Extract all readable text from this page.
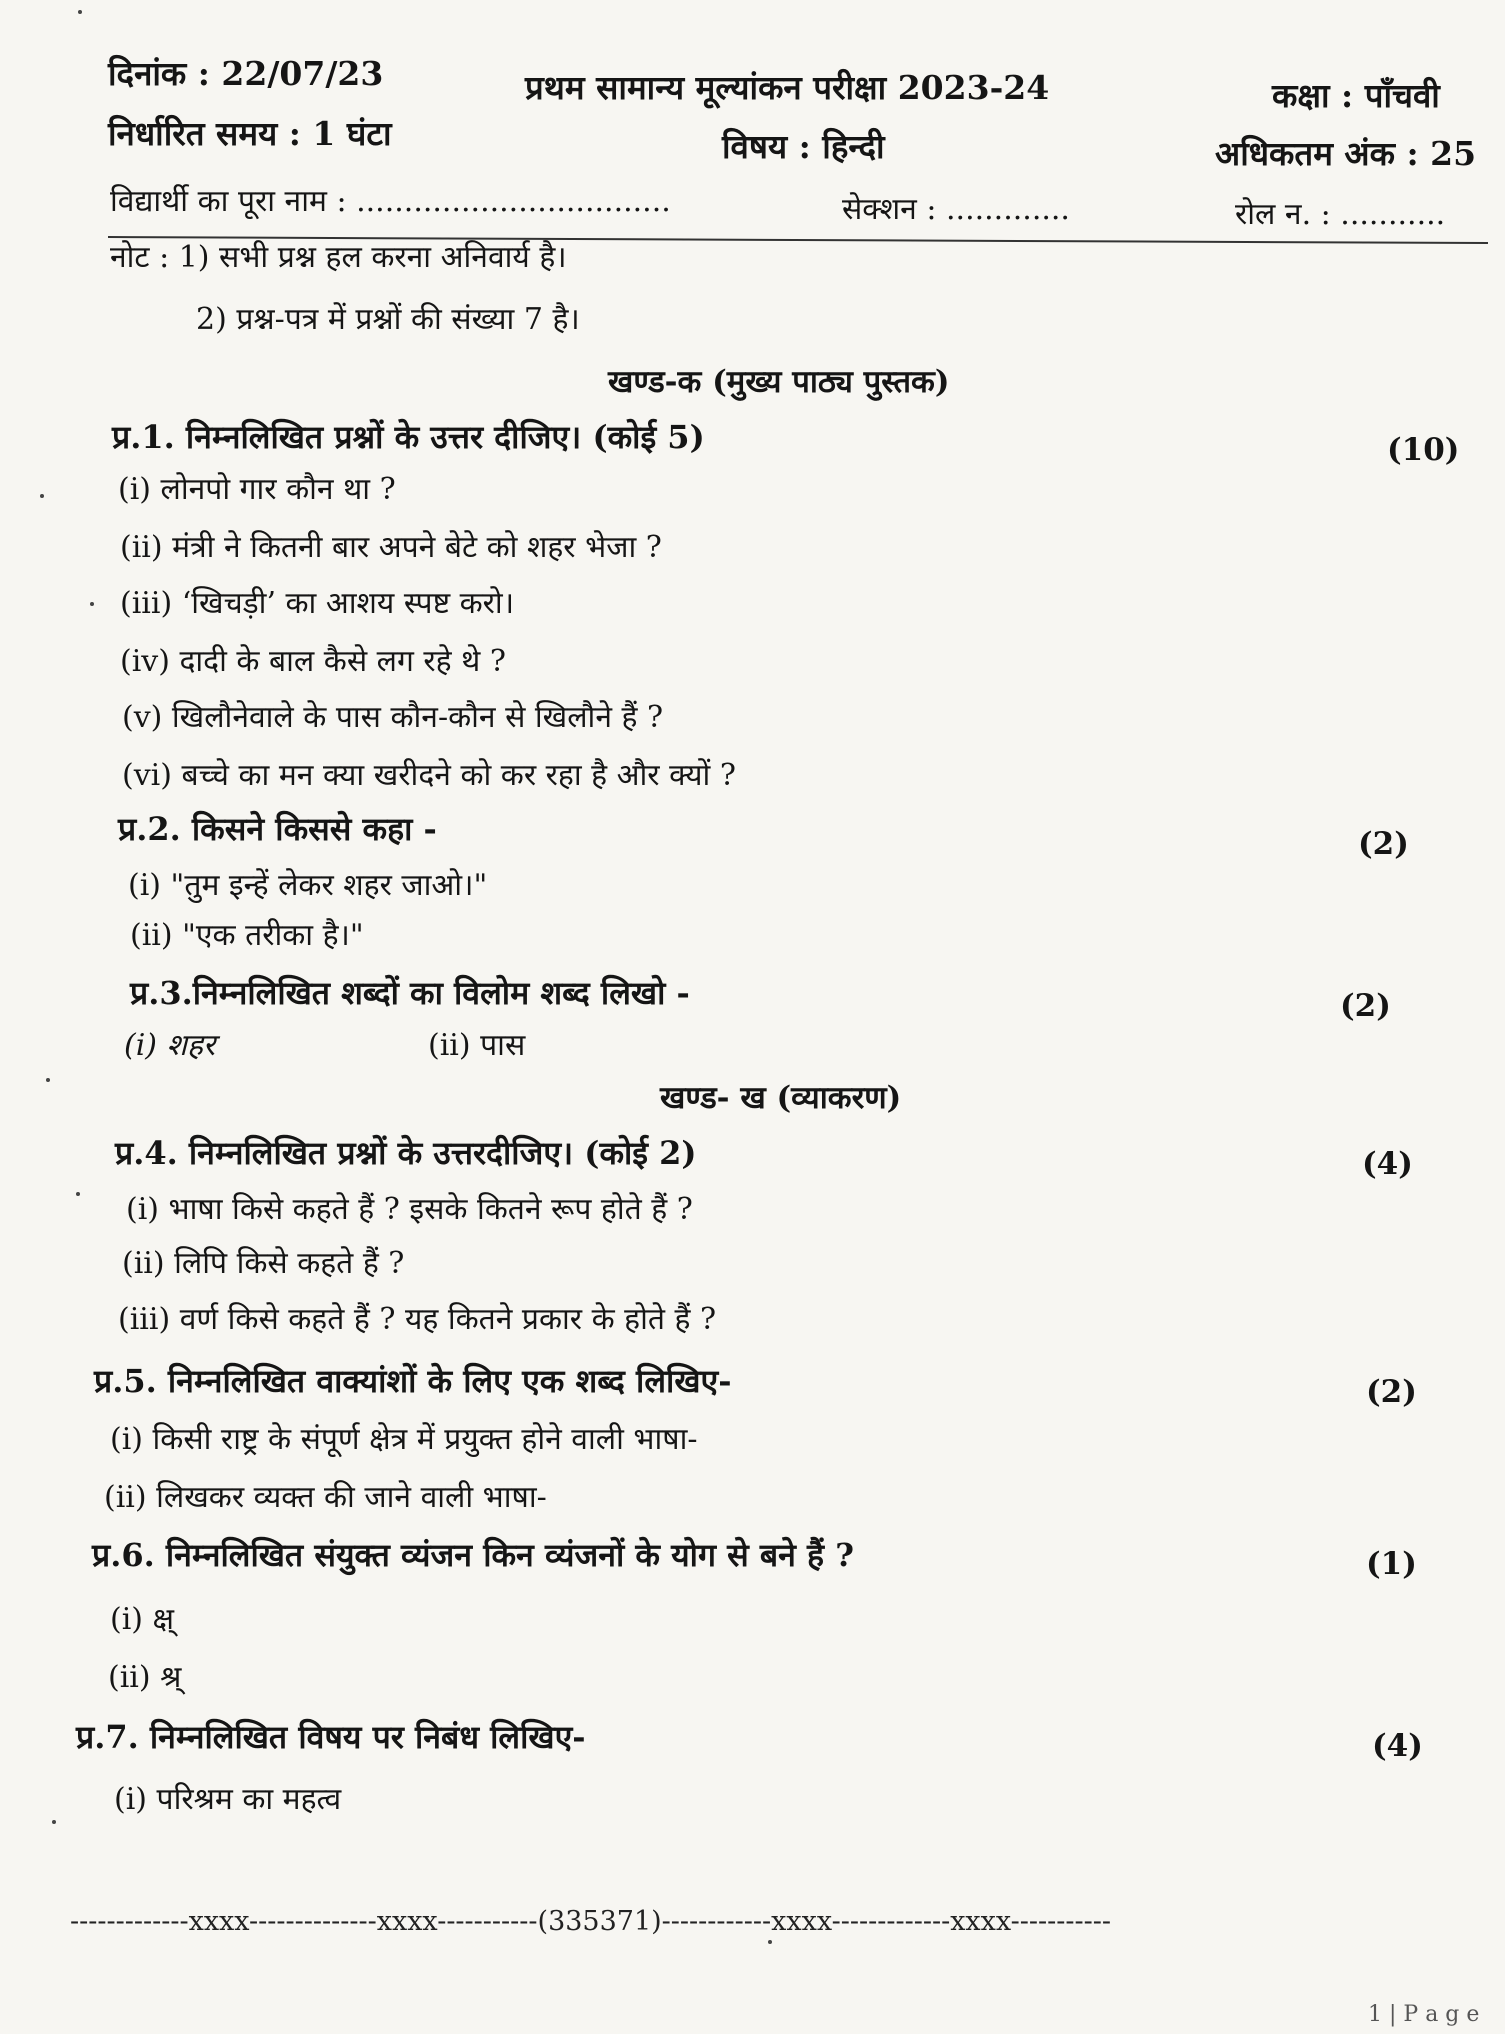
दिनांक : 22/07/23	प्रथम सामान्य मूल्यांकन परीक्षा 2023-24	कक्षा : पाँचवी
निर्धारित समय : 1 घंटा	विषय : हिन्दी	अधिकतम अंक : 25
विद्यार्थी का पूरा नाम : .................................	सेक्शन : .............	रोल न. : ...........
नोट : 1) सभी प्रश्न हल करना अनिवार्य है।
2) प्रश्न-पत्र में प्रश्नों की संख्या 7 है।
खण्ड-क (मुख्य पाठ्य पुस्तक)
प्र.1. निम्नलिखित प्रश्नों के उत्तर दीजिए। (कोई 5)	(10)
(i) लोनपो गार कौन था ?
(ii) मंत्री ने कितनी बार अपने बेटे को शहर भेजा ?
(iii) ‘खिचड़ी’ का आशय स्पष्ट करो।
(iv) दादी के बाल कैसे लग रहे थे ?
(v) खिलौनेवाले के पास कौन-कौन से खिलौने हैं ?
(vi) बच्चे का मन क्या खरीदने को कर रहा है और क्यों ?
प्र.2. किसने किससे कहा -	(2)
(i) "तुम इन्हें लेकर शहर जाओ।"
(ii) "एक तरीका है।"
प्र.3.निम्नलिखित शब्दों का विलोम शब्द लिखो -	(2)
(i) शहर	(ii) पास
खण्ड- ख (व्याकरण)
प्र.4. निम्नलिखित प्रश्नों के उत्तरदीजिए। (कोई 2)	(4)
(i) भाषा किसे कहते हैं ? इसके कितने रूप होते हैं ?
(ii) लिपि किसे कहते हैं ?
(iii) वर्ण किसे कहते हैं ? यह कितने प्रकार के होते हैं ?
प्र.5. निम्नलिखित वाक्यांशों के लिए एक शब्द लिखिए-	(2)
(i) किसी राष्ट्र के संपूर्ण क्षेत्र में प्रयुक्त होने वाली भाषा-
(ii) लिखकर व्यक्त की जाने वाली भाषा-
प्र.6. निम्नलिखित संयुक्त व्यंजन किन व्यंजनों के योग से बने हैं ?	(1)
(i) क्ष्
(ii) श्र्
प्र.7. निम्नलिखित विषय पर निबंध लिखिए-	(4)
(i) परिश्रम का महत्व
-------------xxxx--------------xxxx-----------(335371)------------xxxx-------------xxxx-----------
1 | P a g e
